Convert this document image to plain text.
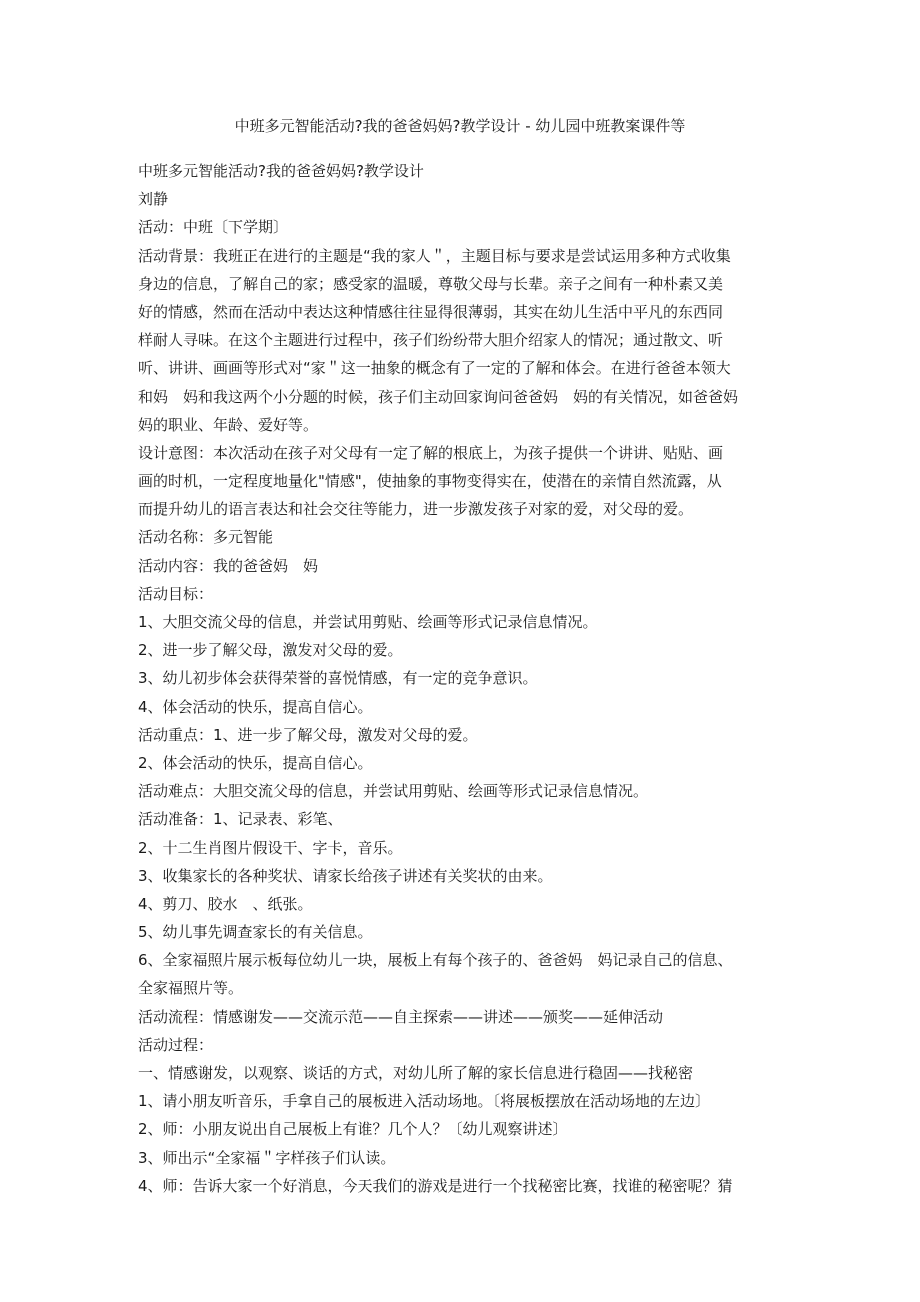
中班多元智能活动?我的爸爸妈妈?教学设计 - 幼儿园中班教案课件等
中班多元智能活动?我的爸爸妈妈?教学设计
刘静
活动：中班〔下学期〕
活动背景：我班正在进行的主题是“我的家人＂，主题目标与要求是尝试运用多种方式收集
身边的信息，了解自己的家；感受家的温暖，尊敬父母与长辈。亲子之间有一种朴素又美
好的情感，然而在活动中表达这种情感往往显得很薄弱，其实在幼儿生活中平凡的东西同
样耐人寻味。在这个主题进行过程中，孩子们纷纷带大胆介绍家人的情况；通过散文、听
听、讲讲、画画等形式对“家＂这一抽象的概念有了一定的了解和体会。在进行爸爸本领大
和妈　妈和我这两个小分题的时候，孩子们主动回家询问爸爸妈　妈的有关情况，如爸爸妈
妈的职业、年龄、爱好等。
设计意图：本次活动在孩子对父母有一定了解的根底上，为孩子提供一个讲讲、贴贴、画
画的时机，一定程度地量化"情感"，使抽象的事物变得实在，使潜在的亲情自然流露，从
而提升幼儿的语言表达和社会交往等能力，进一步激发孩子对家的爱，对父母的爱。
活动名称：多元智能
活动内容：我的爸爸妈　妈
活动目标：
1、大胆交流父母的信息，并尝试用剪贴、绘画等形式记录信息情况。
2、进一步了解父母，激发对父母的爱。
3、幼儿初步体会获得荣誉的喜悦情感，有一定的竞争意识。
4、体会活动的快乐，提高自信心。
活动重点：1、进一步了解父母，激发对父母的爱。
2、体会活动的快乐，提高自信心。
活动难点：大胆交流父母的信息，并尝试用剪贴、绘画等形式记录信息情况。
活动准备：1、记录表、彩笔、
2、十二生肖图片假设干、字卡，音乐。
3、收集家长的各种奖状、请家长给孩子讲述有关奖状的由来。
4、剪刀、胶水　、纸张。
5、幼儿事先调查家长的有关信息。
6、全家福照片展示板每位幼儿一块，展板上有每个孩子的、爸爸妈　妈记录自己的信息、
全家福照片等。
活动流程：情感谢发——交流示范——自主探索——讲述——颁奖——延伸活动
活动过程：
一、情感谢发，以观察、谈话的方式，对幼儿所了解的家长信息进行稳固——找秘密
1、请小朋友听音乐，手拿自己的展板进入活动场地。〔将展板摆放在活动场地的左边〕
2、师：小朋友说出自己展板上有谁？几个人？〔幼儿观察讲述〕
3、师出示“全家福＂字样孩子们认读。
4、师：告诉大家一个好消息，今天我们的游戏是进行一个找秘密比赛，找谁的秘密呢？猜
